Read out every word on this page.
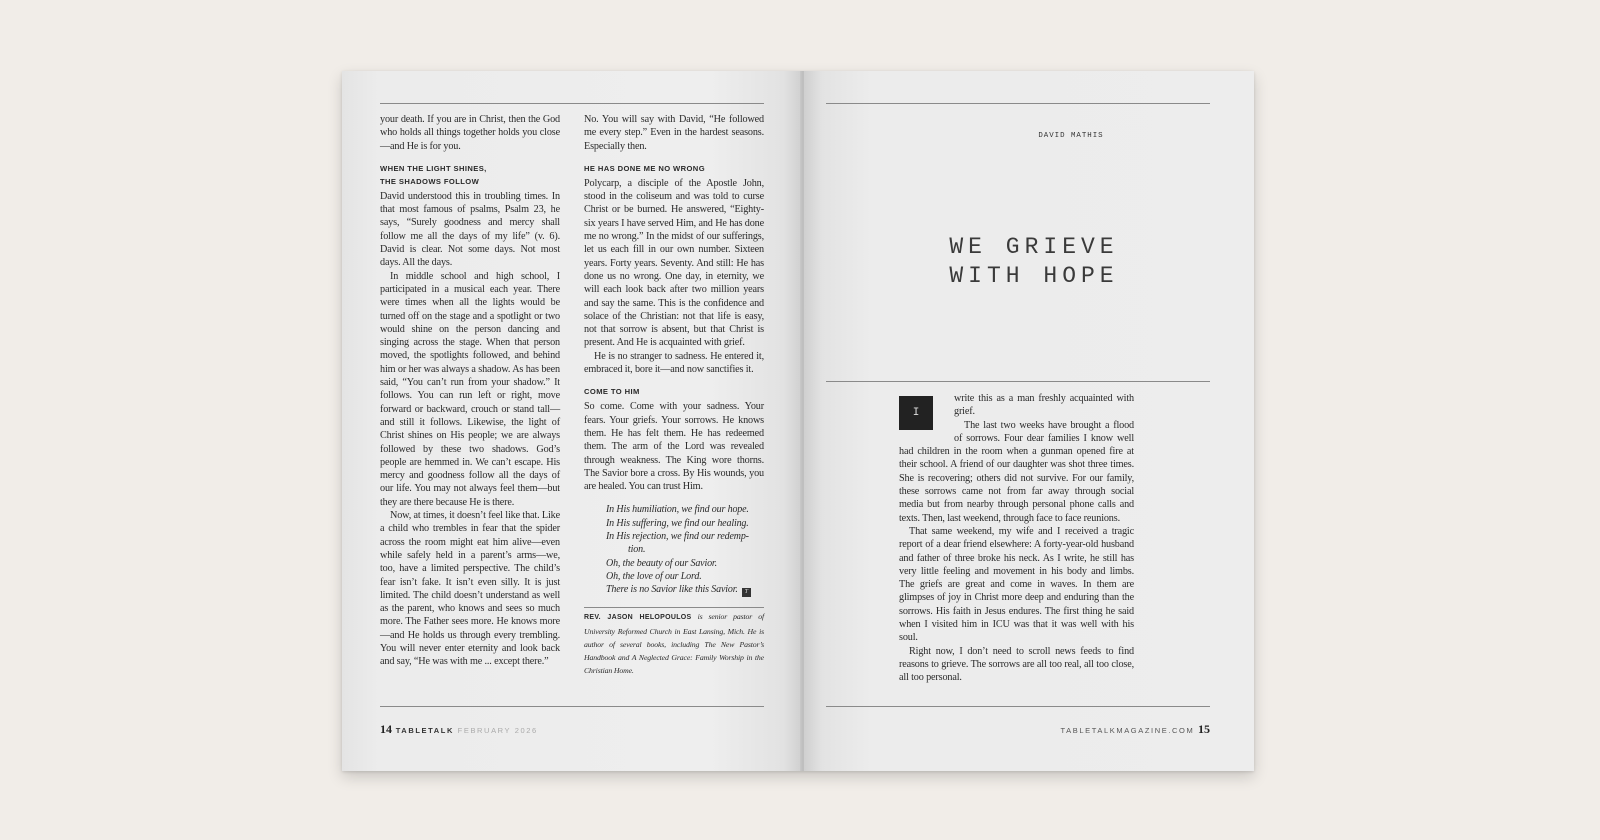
your death. If you are in Christ, then the God who holds all things together holds you close—and He is for you.

WHEN THE LIGHT SHINES,
THE SHADOWS FOLLOW

David understood this in troubling times. In that most famous of psalms, Psalm 23, he says, “Surely goodness and mercy shall follow me all the days of my life” (v. 6). David is clear. Not some days. Not most days. All the days.

In middle school and high school, I participated in a musical each year. There were times when all the lights would be turned off on the stage and a spotlight or two would shine on the person dancing and singing across the stage. When that person moved, the spotlights followed, and behind him or her was always a shadow. As has been said, “You can’t run from your shadow.” It follows. You can run left or right, move forward or backward, crouch or stand tall—and still it follows. Likewise, the light of Christ shines on His people; we are always followed by these two shadows. God’s people are hemmed in. We can’t escape. His mercy and goodness follow all the days of our life. You may not always feel them—but they are there because He is there.

Now, at times, it doesn’t feel like that. Like a child who trembles in fear that the spider across the room might eat him alive—even while safely held in a parent’s arms—we, too, have a limited perspective. The child’s fear isn’t fake. It isn’t even silly. It is just limited. The child doesn’t understand as well as the parent, who knows and sees so much more. The Father sees more. He knows more—and He holds us through every trembling. You will never enter eternity and look back and say, “He was with me ... except there.”

No. You will say with David, “He followed me every step.” Even in the hardest seasons. Especially then.

HE HAS DONE ME NO WRONG

Polycarp, a disciple of the Apostle John, stood in the coliseum and was told to curse Christ or be burned. He answered, “Eighty-six years I have served Him, and He has done me no wrong.” In the midst of our sufferings, let us each fill in our own number. Sixteen years. Forty years. Seventy. And still: He has done us no wrong. One day, in eternity, we will each look back after two million years and say the same. This is the confidence and solace of the Christian: not that life is easy, not that sorrow is absent, but that Christ is present. And He is acquainted with grief.

He is no stranger to sadness. He entered it, embraced it, bore it—and now sanctifies it.

COME TO HIM

So come. Come with your sadness. Your fears. Your griefs. Your sorrows. He knows them. He has felt them. He has redeemed them. The arm of the Lord was revealed through weakness. The King wore thorns. The Savior bore a cross. By His wounds, you are healed. You can trust Him.

In His humiliation, we find our hope.
In His suffering, we find our healing.
In His rejection, we find our redemp-
tion.
Oh, the beauty of our Savior.
Oh, the love of our Lord.
There is no Savior like this Savior. T
REV. JASON HELOPOULOS is senior pastor of University Reformed Church in East Lansing, Mich. He is author of several books, including The New Pastor’s Handbook and A Neglected Grace: Family Worship in the Christian Home.
14 TABLETALK FEBRUARY 2026
DAVID MATHIS
WE GRIEVE
WITH HOPE
I

write this as a man freshly acquainted with grief.

The last two weeks have brought a flood of sorrows. Four dear families I know well had children in the room when a gunman opened fire at their school. A friend of our daughter was shot three times. She is recovering; others did not survive. For our family, these sorrows came not from far away through social media but from nearby through personal phone calls and texts. Then, last weekend, through face to face reunions.

That same weekend, my wife and I received a tragic report of a dear friend elsewhere: A forty-year-old husband and father of three broke his neck. As I write, he still has very little feeling and movement in his body and limbs. The griefs are great and come in waves. In them are glimpses of joy in Christ more deep and enduring than the sorrows. His faith in Jesus endures. The first thing he said when I visited him in ICU was that it was well with his soul.

Right now, I don’t need to scroll news feeds to find reasons to grieve. The sorrows are all too real, all too close, all too personal.

TABLETALKMAGAZINE.COM 15
